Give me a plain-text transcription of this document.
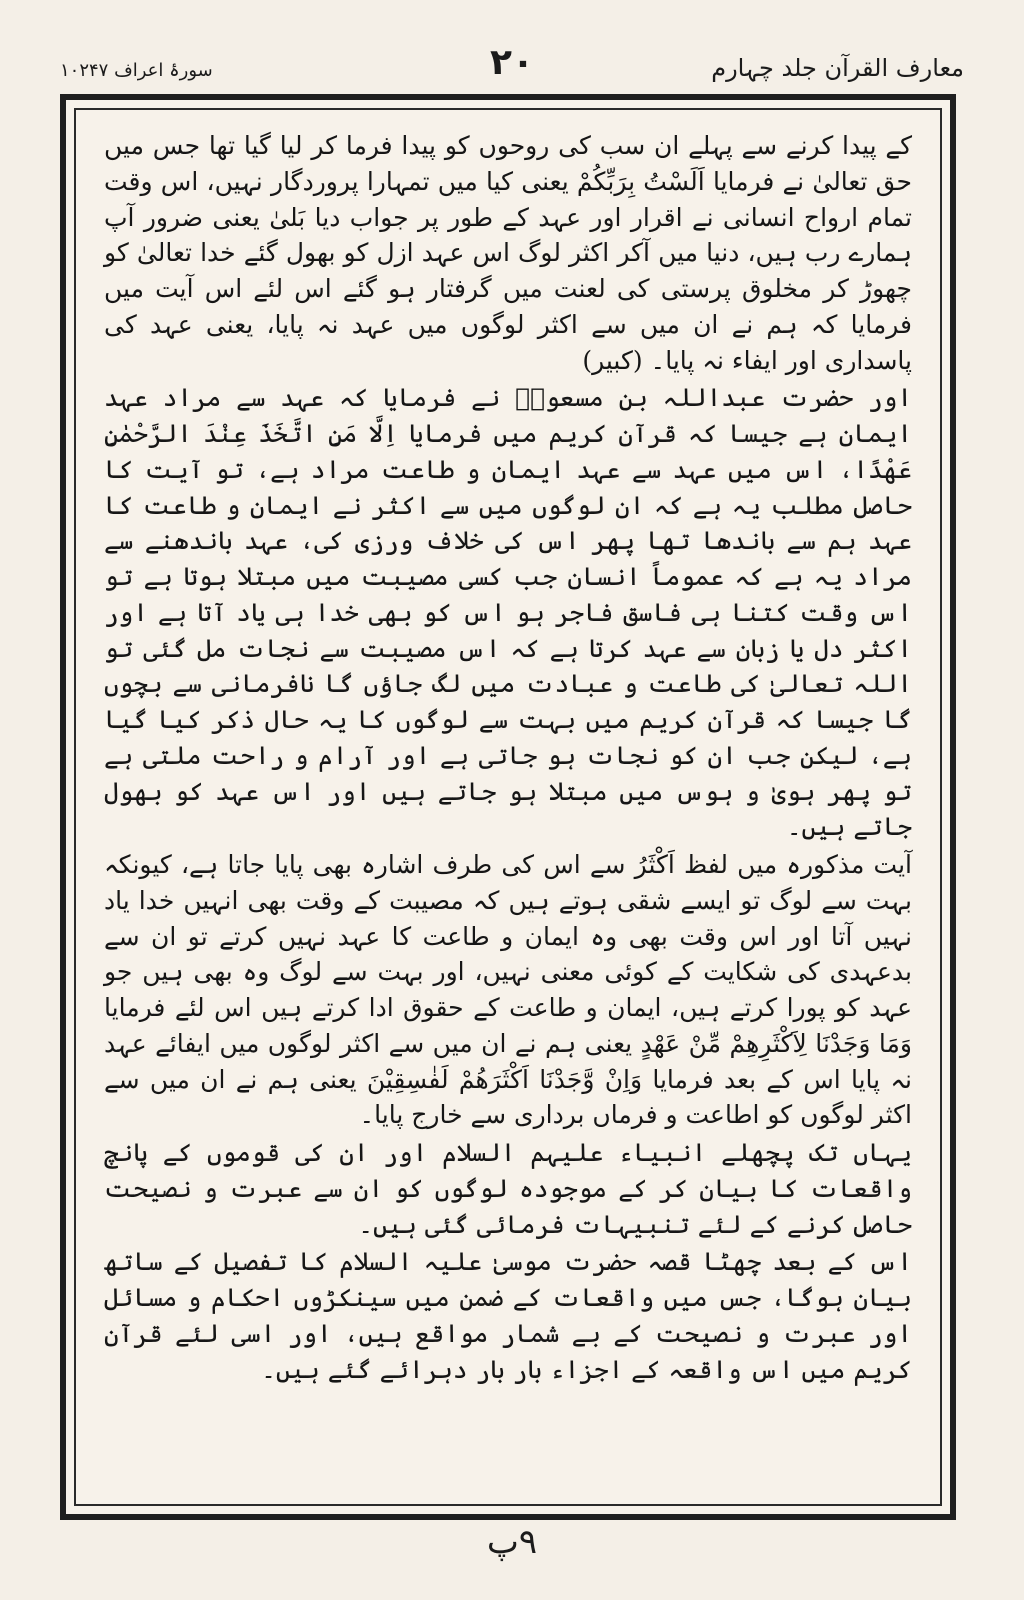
سورۂ اعراف ۱۰۲۴۷	۲۰	معارف القرآن جلد چہارم

کے پیدا کرنے سے پہلے ان سب کی روحوں کو پیدا فرما کر لیا گیا تھا جس میں حق تعالیٰ نے فرمایا اَلَسْتُ بِرَبِّكُمْ یعنی کیا میں تمہارا پروردگار نہیں، اس وقت تمام ارواح انسانی نے اقرار اور عہد کے طور پر جواب دیا بَلیٰ یعنی ضرور آپ ہمارے رب ہیں، دنیا میں آکر اکثر لوگ اس عہد ازل کو بھول گئے خدا تعالیٰ کو چھوڑ کر مخلوق پرستی کی لعنت میں گرفتار ہو گئے اس لئے اس آیت میں فرمایا کہ ہم نے ان میں سے اکثر لوگوں میں عہد نہ پایا، یعنی عہد کی پاسداری اور ایفاء نہ پایا۔ (کبیر)

اور حضرت عبداللہ بن مسعودؓ نے فرمایا کہ عہد سے مراد عہد ایمان ہے جیسا کہ قرآن کریم میں فرمایا اِلَّا مَنِ اتَّخَذَ عِنْدَ الرَّحْمٰنِ عَهْدًا، اس میں عہد سے عہد ایمان و طاعت مراد ہے، تو آیت کا حاصل مطلب یہ ہے کہ ان لوگوں میں سے اکثر نے ایمان و طاعت کا عہد ہم سے باندھا تھا پھر اس کی خلاف ورزی کی، عہد باندھنے سے مراد یہ ہے کہ عموماً انسان جب کسی مصیبت میں مبتلا ہوتا ہے تو اس وقت کتنا ہی فاسق فاجر ہو اس کو بھی خدا ہی یاد آتا ہے اور اکثر دل یا زبان سے عہد کرتا ہے کہ اس مصیبت سے نجات مل گئی تو اللہ تعالیٰ کی طاعت و عبادت میں لگ جاؤں گا نافرمانی سے بچوں گا جیسا کہ قرآن کریم میں بہت سے لوگوں کا یہ حال ذکر کیا گیا ہے، لیکن جب ان کو نجات ہو جاتی ہے اور آرام و راحت ملتی ہے تو پھر ہویٰ و ہوس میں مبتلا ہو جاتے ہیں اور اس عہد کو بھول جاتے ہیں۔

آیت مذکورہ میں لفظ اَكْثَرُ سے اس کی طرف اشارہ بھی پایا جاتا ہے، کیونکہ بہت سے لوگ تو ایسے شقی ہوتے ہیں کہ مصیبت کے وقت بھی انہیں خدا یاد نہیں آتا اور اس وقت بھی وہ ایمان و طاعت کا عہد نہیں کرتے تو ان سے بدعہدی کی شکایت کے کوئی معنی نہیں، اور بہت سے لوگ وہ بھی ہیں جو عہد کو پورا کرتے ہیں، ایمان و طاعت کے حقوق ادا کرتے ہیں اس لئے فرمایا وَمَا وَجَدْنَا لِاَكْثَرِهِمْ مِّنْ عَهْدٍ یعنی ہم نے ان میں سے اکثر لوگوں میں ایفائے عہد نہ پایا اس کے بعد فرمایا وَاِنْ وَّجَدْنَا اَكْثَرَهُمْ لَفٰسِقِيْنَ یعنی ہم نے ان میں سے اکثر لوگوں کو اطاعت و فرماں برداری سے خارج پایا۔

یہاں تک پچھلے انبیاء علیہم السلام اور ان کی قوموں کے پانچ واقعات کا بیان کر کے موجودہ لوگوں کو ان سے عبرت و نصیحت حاصل کرنے کے لئے تنبیہات فرمائی گئی ہیں۔

اس کے بعد چھٹا قصہ حضرت موسیٰ علیہ السلام کا تفصیل کے ساتھ بیان ہوگا، جس میں واقعات کے ضمن میں سینکڑوں احکام و مسائل اور عبرت و نصیحت کے بے شمار مواقع ہیں، اور اسی لئے قرآن کریم میں اس واقعہ کے اجزاء بار بار دہرائے گئے ہیں۔

۹پ
